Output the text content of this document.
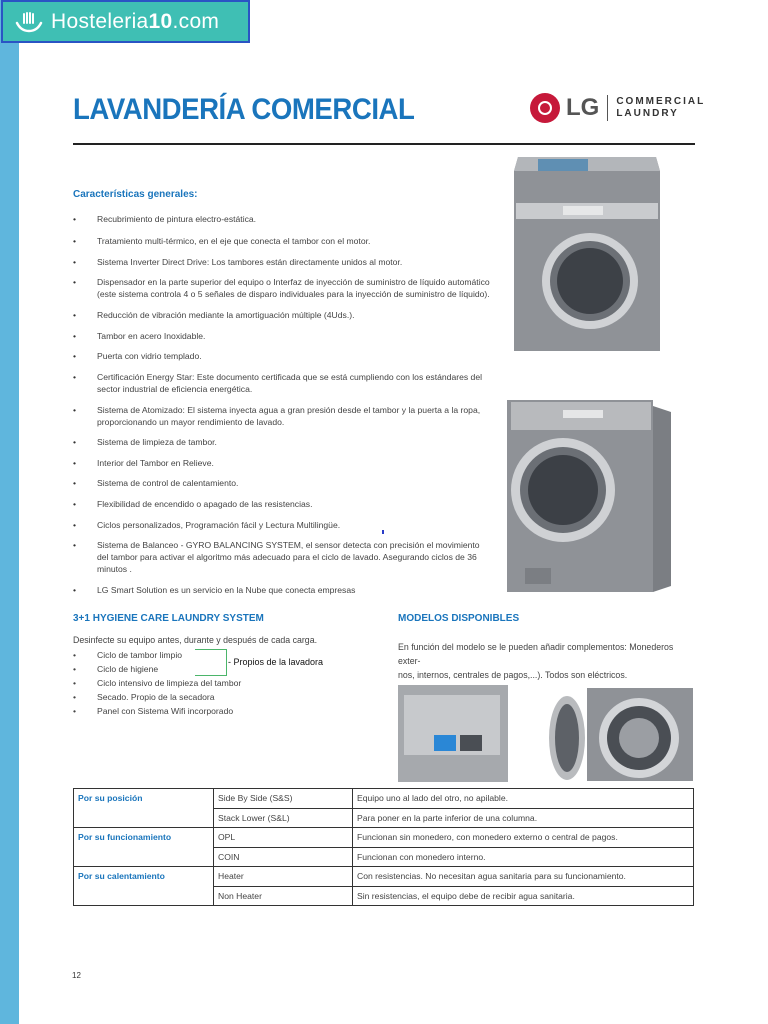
Hosteleria10.com
LAVANDERÍA COMERCIAL	LG COMMERCIAL
LAUNDRY
Características generales:
• Recubrimiento de pintura electro-estática.
• Tratamiento multi-térmico, en el eje que conecta el tambor con el motor.
• Sistema Inverter Direct Drive: Los tambores están directamente unidos al motor.
• Dispensador en la parte superior del equipo o Interfaz de inyección de suministro de líquido automático (este sistema controla 4 o 5 señales de disparo individuales para la inyección de suministro de líquido).
• Reducción de vibración mediante la amortiguación múltiple (4Uds.).
• Tambor en acero Inoxidable.
• Puerta con vidrio templado.
• Certificación Energy Star: Este documento certificada que se está cumpliendo con los estándares del sector industrial de eficiencia energética.
• Sistema de Atomizado: El sistema inyecta agua a gran presión desde el tambor y la puerta a la ropa, proporcionando un mayor rendimiento de lavado.
• Sistema de limpieza de tambor.
• Interior del Tambor en Relieve.
• Sistema de control de calentamiento.
• Flexibilidad de encendido o apagado de las resistencias.
• Ciclos personalizados, Programación fácil y Lectura Multilingüe.
• Sistema de Balanceo - GYRO BALANCING SYSTEM, el sensor detecta con precisión el movimiento del tambor para activar el algoritmo más adecuado para el ciclo de lavado. Asegurando ciclos de 36 minutos .
• LG Smart Solution es un servicio en la Nube que conecta empresas
3+1 HYGIENE CARE LAUNDRY SYSTEM
Desinfecte su equipo antes, durante y después de cada carga.
• Ciclo de tambor limpio
• Ciclo de higiene
• Ciclo intensivo de limpieza del tambor
• Secado. Propio de la secadora
• Panel con Sistema Wifi incorporado
- Propios de la lavadora
MODELOS DISPONIBLES
En función del modelo se le pueden añadir complementos: Monederos exter-
nos, internos, centrales de pagos,...). Todos son eléctricos.
Por su posición	Side By Side (S&S)	Equipo uno al lado del otro, no apilable.
	Stack Lower (S&L)	Para poner en la parte inferior de una columna.
Por su funcionamiento	OPL	Funcionan sin monedero, con monedero externo o central de pagos.
	COIN	Funcionan con monedero interno.
Por su calentamiento	Heater	Con resistencias. No necesitan agua sanitaria para su funcionamiento.
	Non Heater	Sin resistencias, el equipo debe de recibir agua sanitaria.
12
